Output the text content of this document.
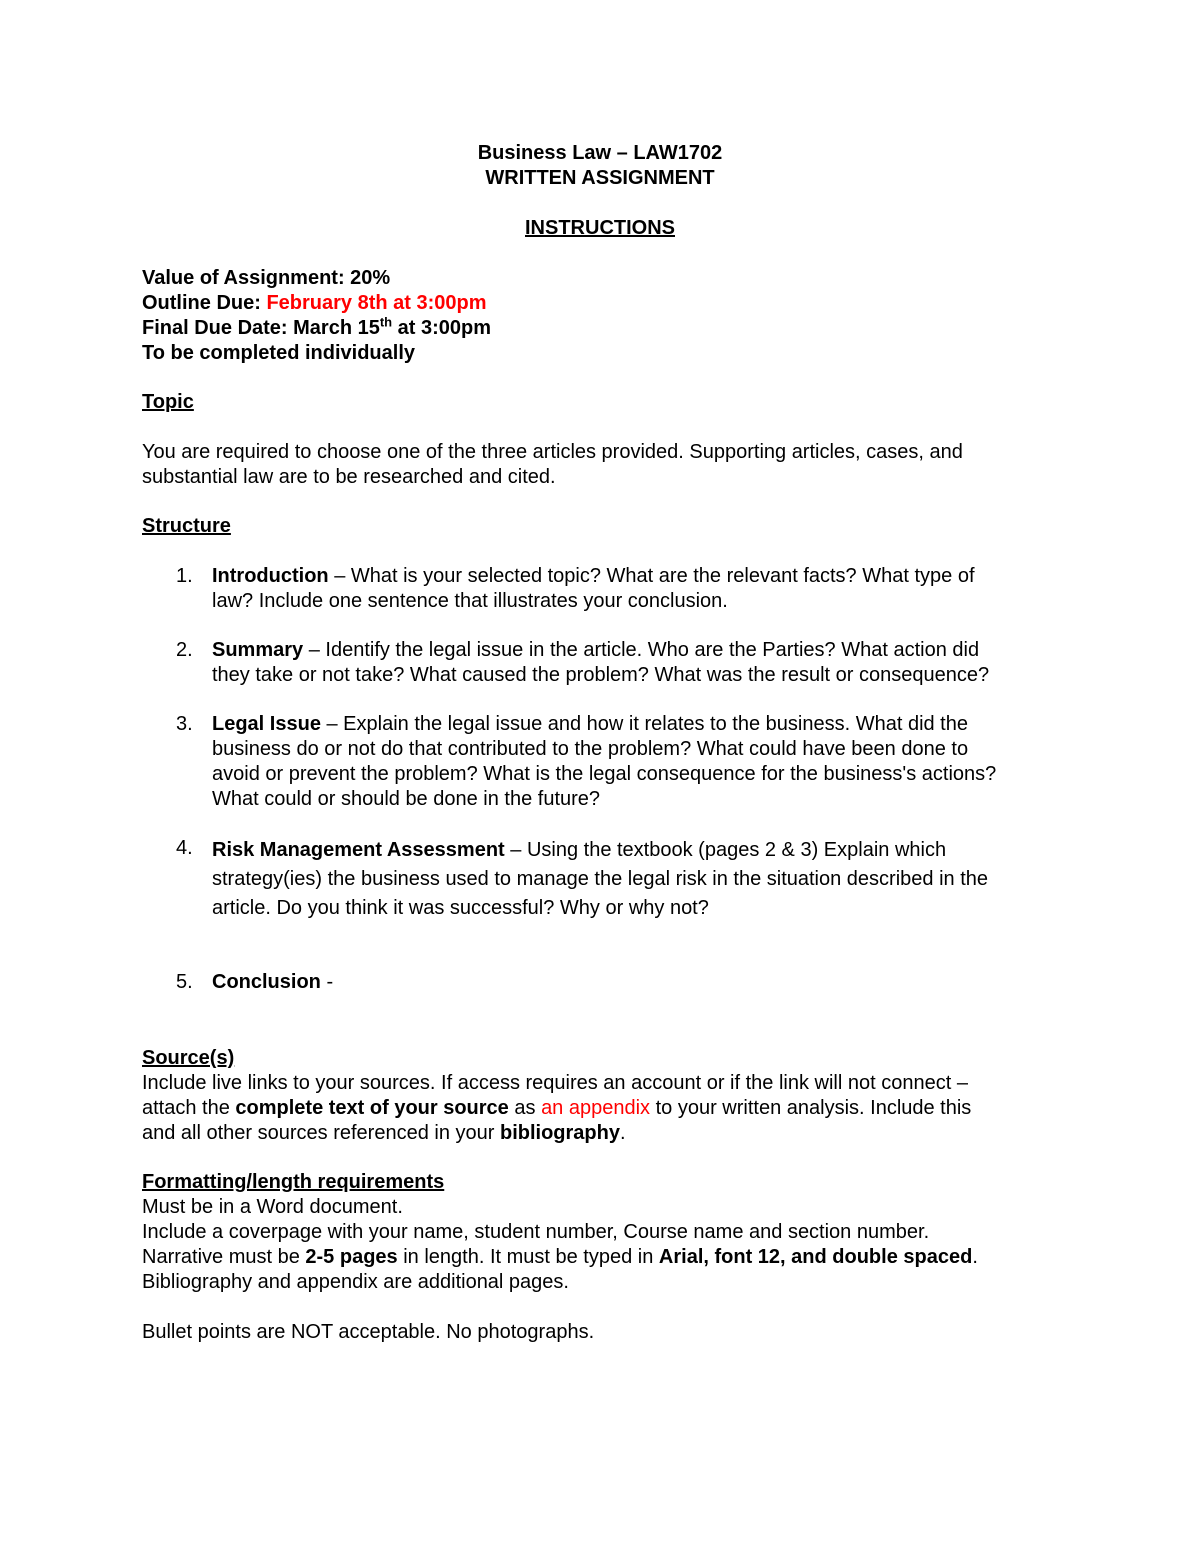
Business Law – LAW1702
WRITTEN ASSIGNMENT
INSTRUCTIONS
Value of Assignment: 20%
Outline Due: February 8th at 3:00pm
Final Due Date: March 15th at 3:00pm
To be completed individually
Topic
You are required to choose one of the three articles provided. Supporting articles, cases, and
substantial law are to be researched and cited.
Structure
1. Introduction – What is your selected topic? What are the relevant facts? What type of

law? Include one sentence that illustrates your conclusion.

2. Summary – Identify the legal issue in the article. Who are the Parties? What action did

they take or not take? What caused the problem? What was the result or consequence?

3. Legal Issue – Explain the legal issue and how it relates to the business. What did the

business do or not do that contributed to the problem? What could have been done to

avoid or prevent the problem? What is the legal consequence for the business's actions?

What could or should be done in the future?

4. Risk Management Assessment – Using the textbook (pages 2 & 3) Explain which

strategy(ies) the business used to manage the legal risk in the situation described in the

article. Do you think it was successful? Why or why not?

5. Conclusion -

Source(s)
Include live links to your sources. If access requires an account or if the link will not connect –
attach the complete text of your source as an appendix to your written analysis. Include this
and all other sources referenced in your bibliography.
Formatting/length requirements
Must be in a Word document.
Include a coverpage with your name, student number, Course name and section number.
Narrative must be 2-5 pages in length. It must be typed in Arial, font 12, and double spaced.
Bibliography and appendix are additional pages.
Bullet points are NOT acceptable. No photographs.
